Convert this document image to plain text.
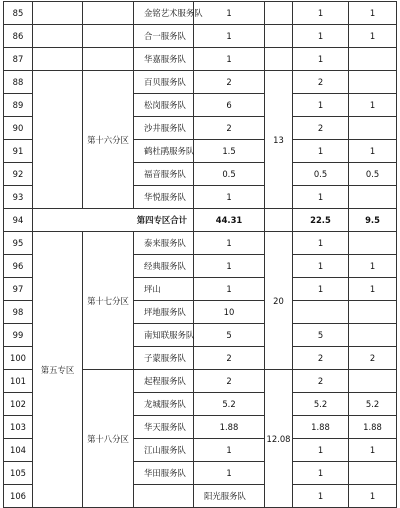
85			金铭艺术服务队	1		1	1	
86			合一服务队	1		1	1	
87			华嘉服务队	1		1		
88		第十六分区	百贝服务队	2	13	2		
89			松岗服务队	6		1	1	
90			沙井服务队	2		2		
91			鹤杜鹃服务队	1.5		1	1	
92			福音服务队	0.5		0.5	0.5	
93			华悦服务队	1		1		
94	第四专区合计			44.31		22.5	9.5	
95	第五专区	第十七分区	泰来服务队	1	20	1		
96			经典服务队	1		1	1	
97			坪山	1		1	1	
98			坪地服务队	10				
99			南知联服务队	5		5		
100			子蒙服务队	2		2	2	
101		第十八分区	起程服务队	2	12.08	2		
102			龙城服务队	5.2		5.2	5.2	
103			华天服务队	1.88		1.88	1.88	
104			江山服务队	1		1	1	
105			华田服务队	1		1		
106				阳光服务队		1	1	
